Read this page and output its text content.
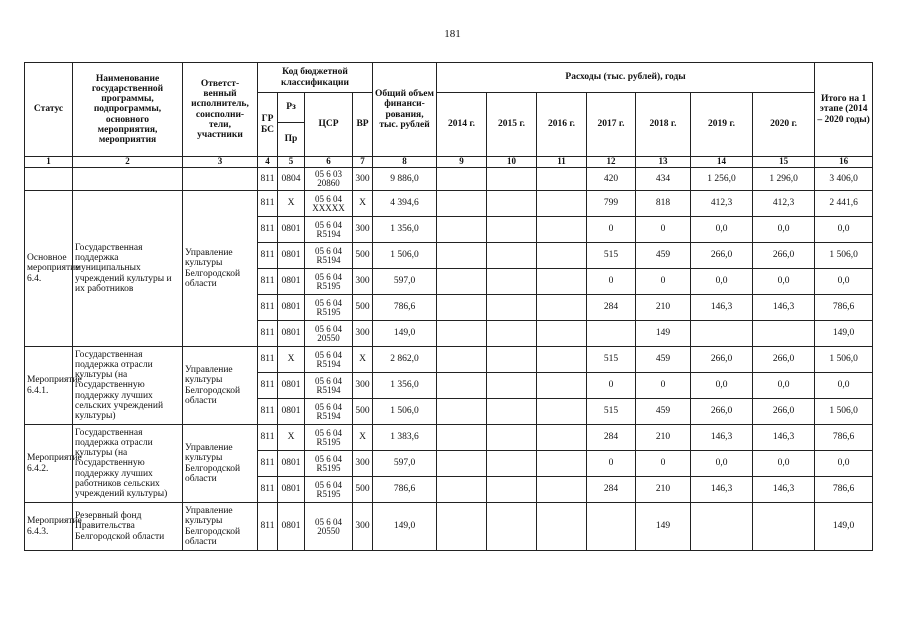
181
Статус	Наименование государственной программы, подпрограммы, основного мероприятия, мероприятия	Ответст-венный исполнитель, соисполни-тели, участники	Код бюджетной классификации				Общий объем финанси-рования, тыс. рублей	Расходы (тыс. рублей), годы							Итого на 1 этапе (2014 – 2020 годы)
			ГР БС	Рз	ЦСР	ВР		2014 г.	2015 г.	2016 г.	2017 г.	2018 г.	2019 г.	2020 г.	
				Пр											
1	2	3	4	5	6	7	8	9	10	11	12	13	14	15	16
			811	0804	05 6 03 20860	300	9 886,0				420	434	1 256,0	1 296,0	3 406,0
Основное мероприятие 6.4.	Государственная поддержка муниципальных учреждений культуры и их работников	Управление культуры Белгородской области	811	Х	05 6 04 ХХХХХ	Х	4 394,6				799	818	412,3	412,3	2 441,6
			811	0801	05 6 04 R5194	300	1 356,0				0	0	0,0	0,0	0,0
			811	0801	05 6 04 R5194	500	1 506,0				515	459	266,0	266,0	1 506,0
			811	0801	05 6 04 R5195	300	597,0				0	0	0,0	0,0	0,0
			811	0801	05 6 04 R5195	500	786,6				284	210	146,3	146,3	786,6
			811	0801	05 6 04 20550	300	149,0					149			149,0
Мероприятие 6.4.1.	Государственная поддержка отрасли культуры (на государственную поддержку лучших сельских учреждений культуры)	Управление культуры Белгородской области	811	Х	05 6 04 R5194	Х	2 862,0				515	459	266,0	266,0	1 506,0
			811	0801	05 6 04 R5194	300	1 356,0				0	0	0,0	0,0	0,0
			811	0801	05 6 04 R5194	500	1 506,0				515	459	266,0	266,0	1 506,0
Мероприятие 6.4.2.	Государственная поддержка отрасли культуры (на государственную поддержку лучших работников сельских учреждений культуры)	Управление культуры Белгородской области	811	Х	05 6 04 R5195	Х	1 383,6				284	210	146,3	146,3	786,6
			811	0801	05 6 04 R5195	300	597,0				0	0	0,0	0,0	0,0
			811	0801	05 6 04 R5195	500	786,6				284	210	146,3	146,3	786,6
Мероприятие 6.4.3.	Резервный фонд Правительства Белгородской области	Управление культуры Белгородской области	811	0801	05 6 04 20550	300	149,0					149			149,0
